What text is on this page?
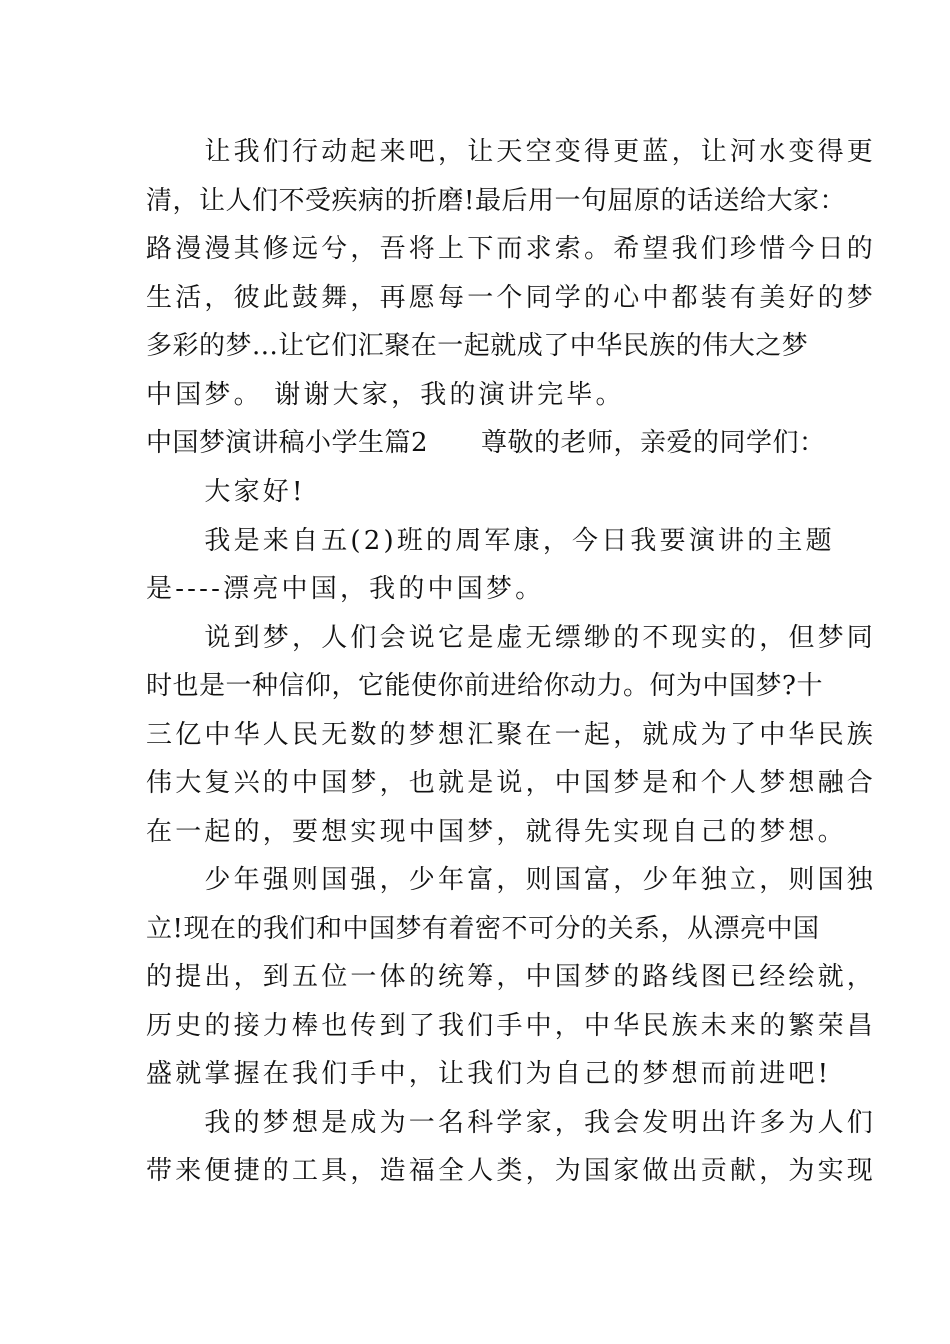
　　让我们行动起来吧，让天空变得更蓝，让河水变得更
清，让人们不受疾病的折磨!最后用一句屈原的话送给大家：
路漫漫其修远兮，吾将上下而求索。希望我们珍惜今日的
生活，彼此鼓舞，再愿每一个同学的心中都装有美好的梦
多彩的梦...让它们汇聚在一起就成了中华民族的伟大之梦
中国梦。 谢谢大家，我的演讲完毕。
中国梦演讲稿小学生篇2　　尊敬的老师，亲爱的同学们：
　　大家好!
　　我是来自五(2)班的周军康，今日我要演讲的主题
是----漂亮中国，我的中国梦。
　　说到梦，人们会说它是虚无缥缈的不现实的，但梦同
时也是一种信仰，它能使你前进给你动力。何为中国梦?十
三亿中华人民无数的梦想汇聚在一起，就成为了中华民族
伟大复兴的中国梦，也就是说，中国梦是和个人梦想融合
在一起的，要想实现中国梦，就得先实现自己的梦想。
　　少年强则国强，少年富，则国富，少年独立，则国独
立!现在的我们和中国梦有着密不可分的关系，从漂亮中国
的提出，到五位一体的统筹，中国梦的路线图已经绘就，
历史的接力棒也传到了我们手中，中华民族未来的繁荣昌
盛就掌握在我们手中，让我们为自己的梦想而前进吧!
　　我的梦想是成为一名科学家，我会发明出许多为人们
带来便捷的工具，造福全人类，为国家做出贡献，为实现
